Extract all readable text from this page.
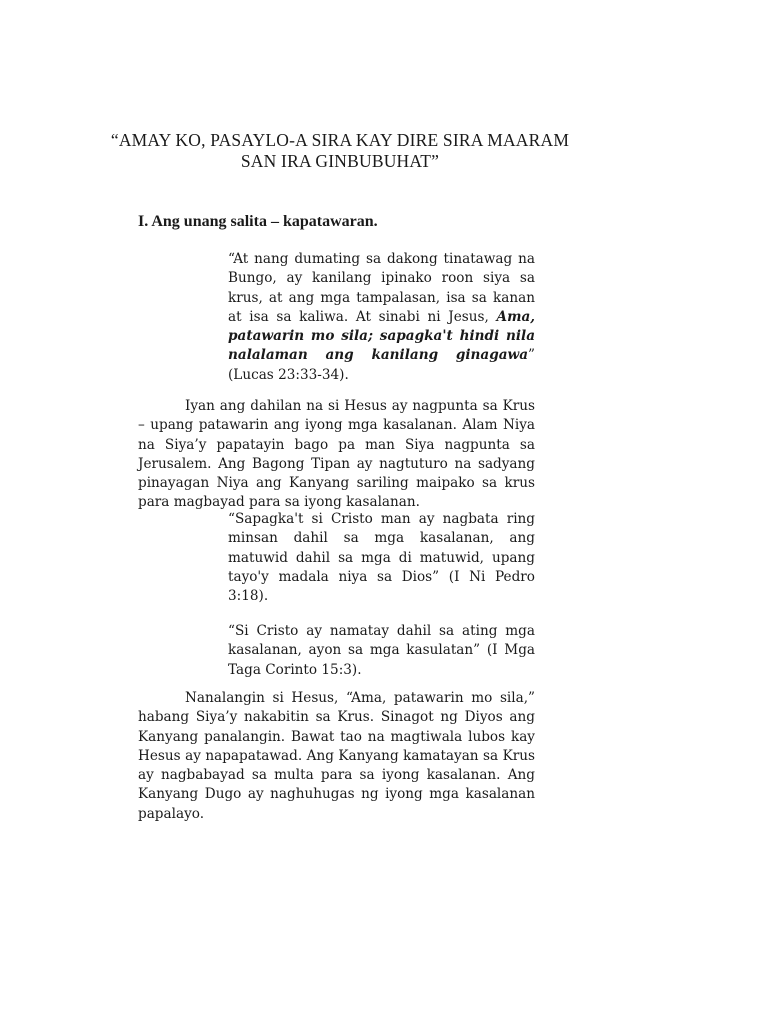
“AMAY KO, PASAYLO-A SIRA KAY DIRE SIRA MAARAM
SAN IRA GINBUBUHAT”
I. Ang unang salita – kapatawaran.
“At nang dumating sa dakong tinatawag na Bungo, ay kanilang ipinako roon siya sa krus, at ang mga tampalasan, isa sa kanan at isa sa kaliwa. At sinabi ni Jesus, Ama, patawarin mo sila; sapagka't hindi nila nalalaman ang kanilang ginagawa” (Lucas 23:33-34).
Iyan ang dahilan na si Hesus ay nagpunta sa Krus – upang patawarin ang iyong mga kasalanan. Alam Niya na Siya’y papatayin bago pa man Siya nagpunta sa Jerusalem. Ang Bagong Tipan ay nagtuturo na sadyang pinayagan Niya ang Kanyang sariling maipako sa krus para magbayad para sa iyong kasalanan.
“Sapagka't si Cristo man ay nagbata ring minsan dahil sa mga kasalanan, ang matuwid dahil sa mga di matuwid, upang tayo'y madala niya sa Dios” (I Ni Pedro 3:18).
“Si Cristo ay namatay dahil sa ating mga kasalanan, ayon sa mga kasulatan” (I Mga Taga Corinto 15:3).
Nanalangin si Hesus, “Ama, patawarin mo sila,” habang Siya’y nakabitin sa Krus. Sinagot ng Diyos ang Kanyang panalangin. Bawat tao na magtiwala lubos kay Hesus ay napapatawad. Ang Kanyang kamatayan sa Krus ay nagbabayad sa multa para sa iyong kasalanan. Ang Kanyang Dugo ay naghuhugas ng iyong mga kasalanan papalayo.
